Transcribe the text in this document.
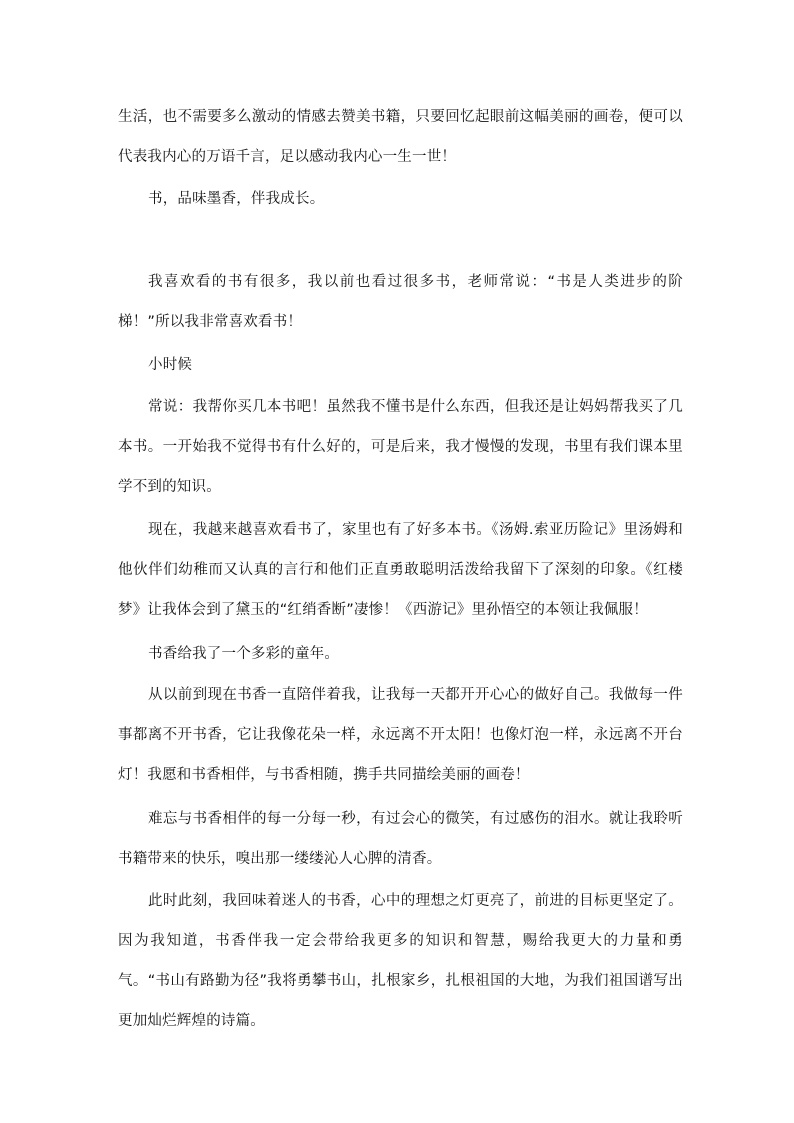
生活，也不需要多么激动的情感去赞美书籍，只要回忆起眼前这幅美丽的画卷，便可以代表我内心的万语千言，足以感动我内心一生一世！

书，品味墨香，伴我成长。

我喜欢看的书有很多，我以前也看过很多书，老师常说：“书是人类进步的阶梯！”所以我非常喜欢看书！

小时候

常说：我帮你买几本书吧！虽然我不懂书是什么东西，但我还是让妈妈帮我买了几本书。一开始我不觉得书有什么好的，可是后来，我才慢慢的发现，书里有我们课本里学不到的知识。

现在，我越来越喜欢看书了，家里也有了好多本书。《汤姆.索亚历险记》里汤姆和他伙伴们幼稚而又认真的言行和他们正直勇敢聪明活泼给我留下了深刻的印象。《红楼梦》让我体会到了黛玉的“红绡香断”凄惨！《西游记》里孙悟空的本领让我佩服！

书香给我了一个多彩的童年。

从以前到现在书香一直陪伴着我，让我每一天都开开心心的做好自己。我做每一件事都离不开书香，它让我像花朵一样，永远离不开太阳！也像灯泡一样，永远离不开台灯！我愿和书香相伴，与书香相随，携手共同描绘美丽的画卷！

难忘与书香相伴的每一分每一秒，有过会心的微笑，有过感伤的泪水。就让我聆听书籍带来的快乐，嗅出那一缕缕沁人心脾的清香。

此时此刻，我回味着迷人的书香，心中的理想之灯更亮了，前进的目标更坚定了。因为我知道，书香伴我一定会带给我更多的知识和智慧，赐给我更大的力量和勇气。“书山有路勤为径”我将勇攀书山，扎根家乡，扎根祖国的大地，为我们祖国谱写出更加灿烂辉煌的诗篇。
